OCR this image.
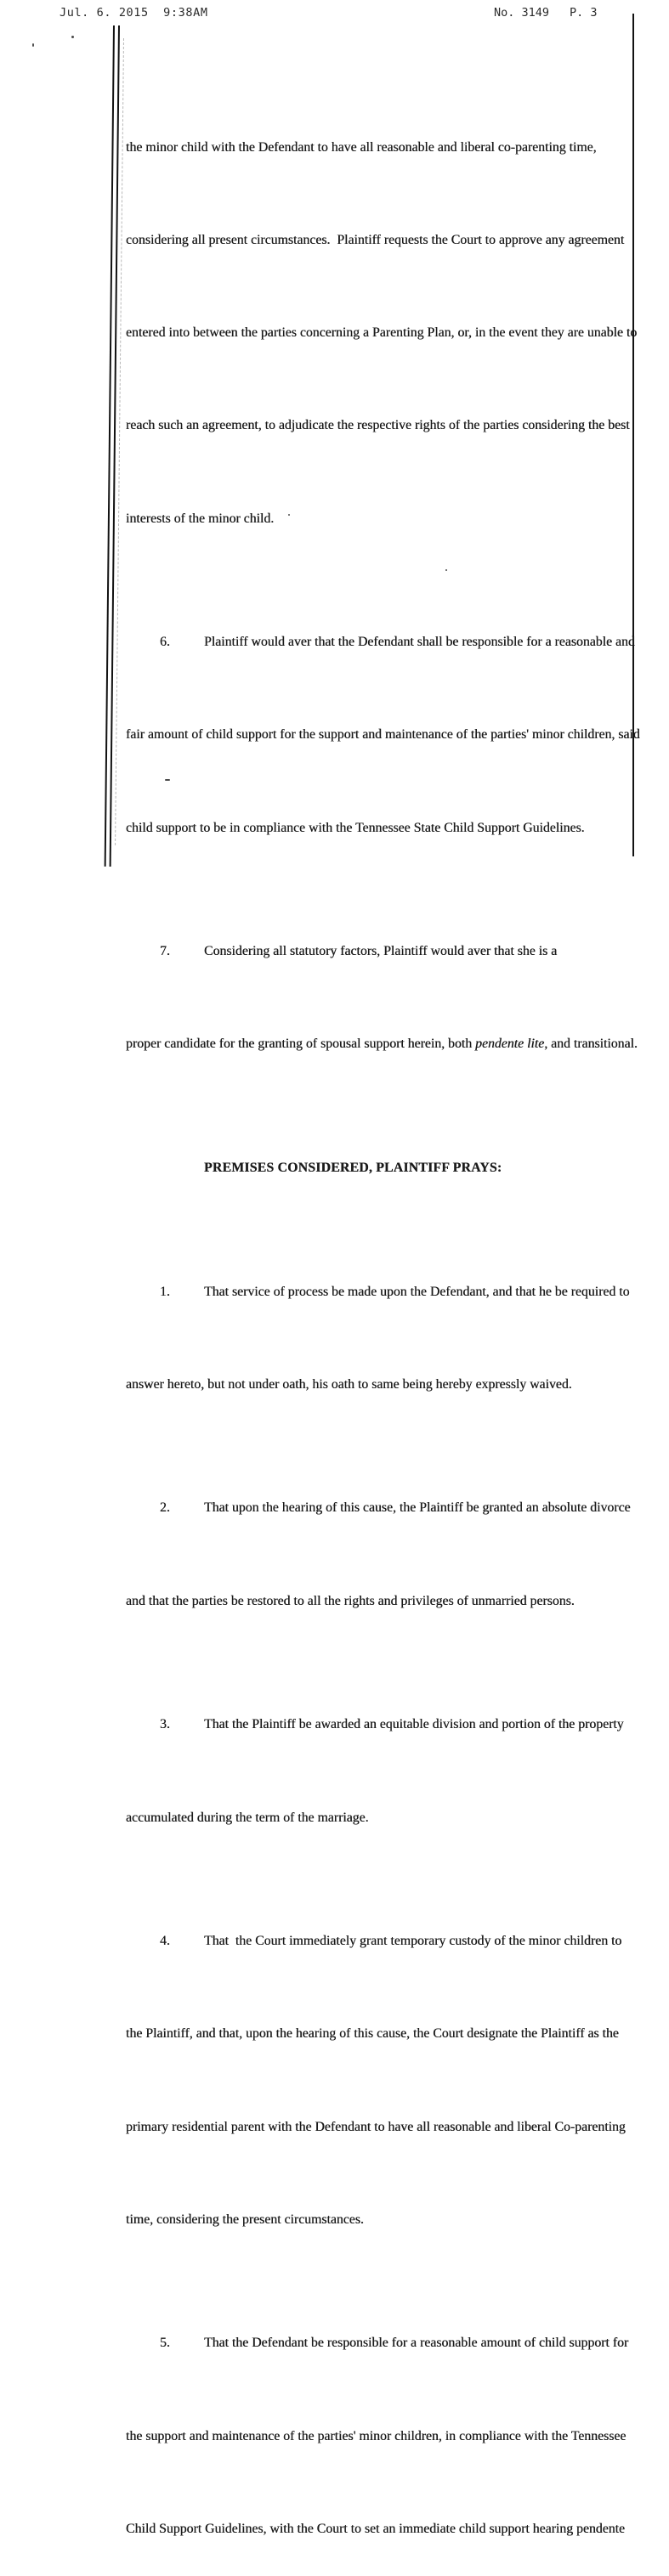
Jul. 6. 2015  9:38AM	No. 3149 P. 3

the minor child with the Defendant to have all reasonable and liberal co-parenting time,

considering all present circumstances.  Plaintiff requests the Court to approve any agreement

entered into between the parties concerning a Parenting Plan, or, in the event they are unable to

reach such an agreement, to adjudicate the respective rights of the parties considering the best

interests of the minor child.

6.	Plaintiff would aver that the Defendant shall be responsible for a reasonable and

fair amount of child support for the support and maintenance of the parties' minor children, said

child support to be in compliance with the Tennessee State Child Support Guidelines.

7.	Considering all statutory factors, Plaintiff would aver that she is a

proper candidate for the granting of spousal support herein, both pendente lite, and transitional.

PREMISES CONSIDERED, PLAINTIFF PRAYS:

1.	That service of process be made upon the Defendant, and that he be required to

answer hereto, but not under oath, his oath to same being hereby expressly waived.

2.	That upon the hearing of this cause, the Plaintiff be granted an absolute divorce

and that the parties be restored to all the rights and privileges of unmarried persons.

3.	That the Plaintiff be awarded an equitable division and portion of the property

accumulated during the term of the marriage.

4.	That  the Court immediately grant temporary custody of the minor children to

the Plaintiff, and that, upon the hearing of this cause, the Court designate the Plaintiff as the

primary residential parent with the Defendant to have all reasonable and liberal Co-parenting

time, considering the present circumstances.

5.	That the Defendant be responsible for a reasonable amount of child support for

the support and maintenance of the parties' minor children, in compliance with the Tennessee

Child Support Guidelines, with the Court to set an immediate child support hearing pendente
